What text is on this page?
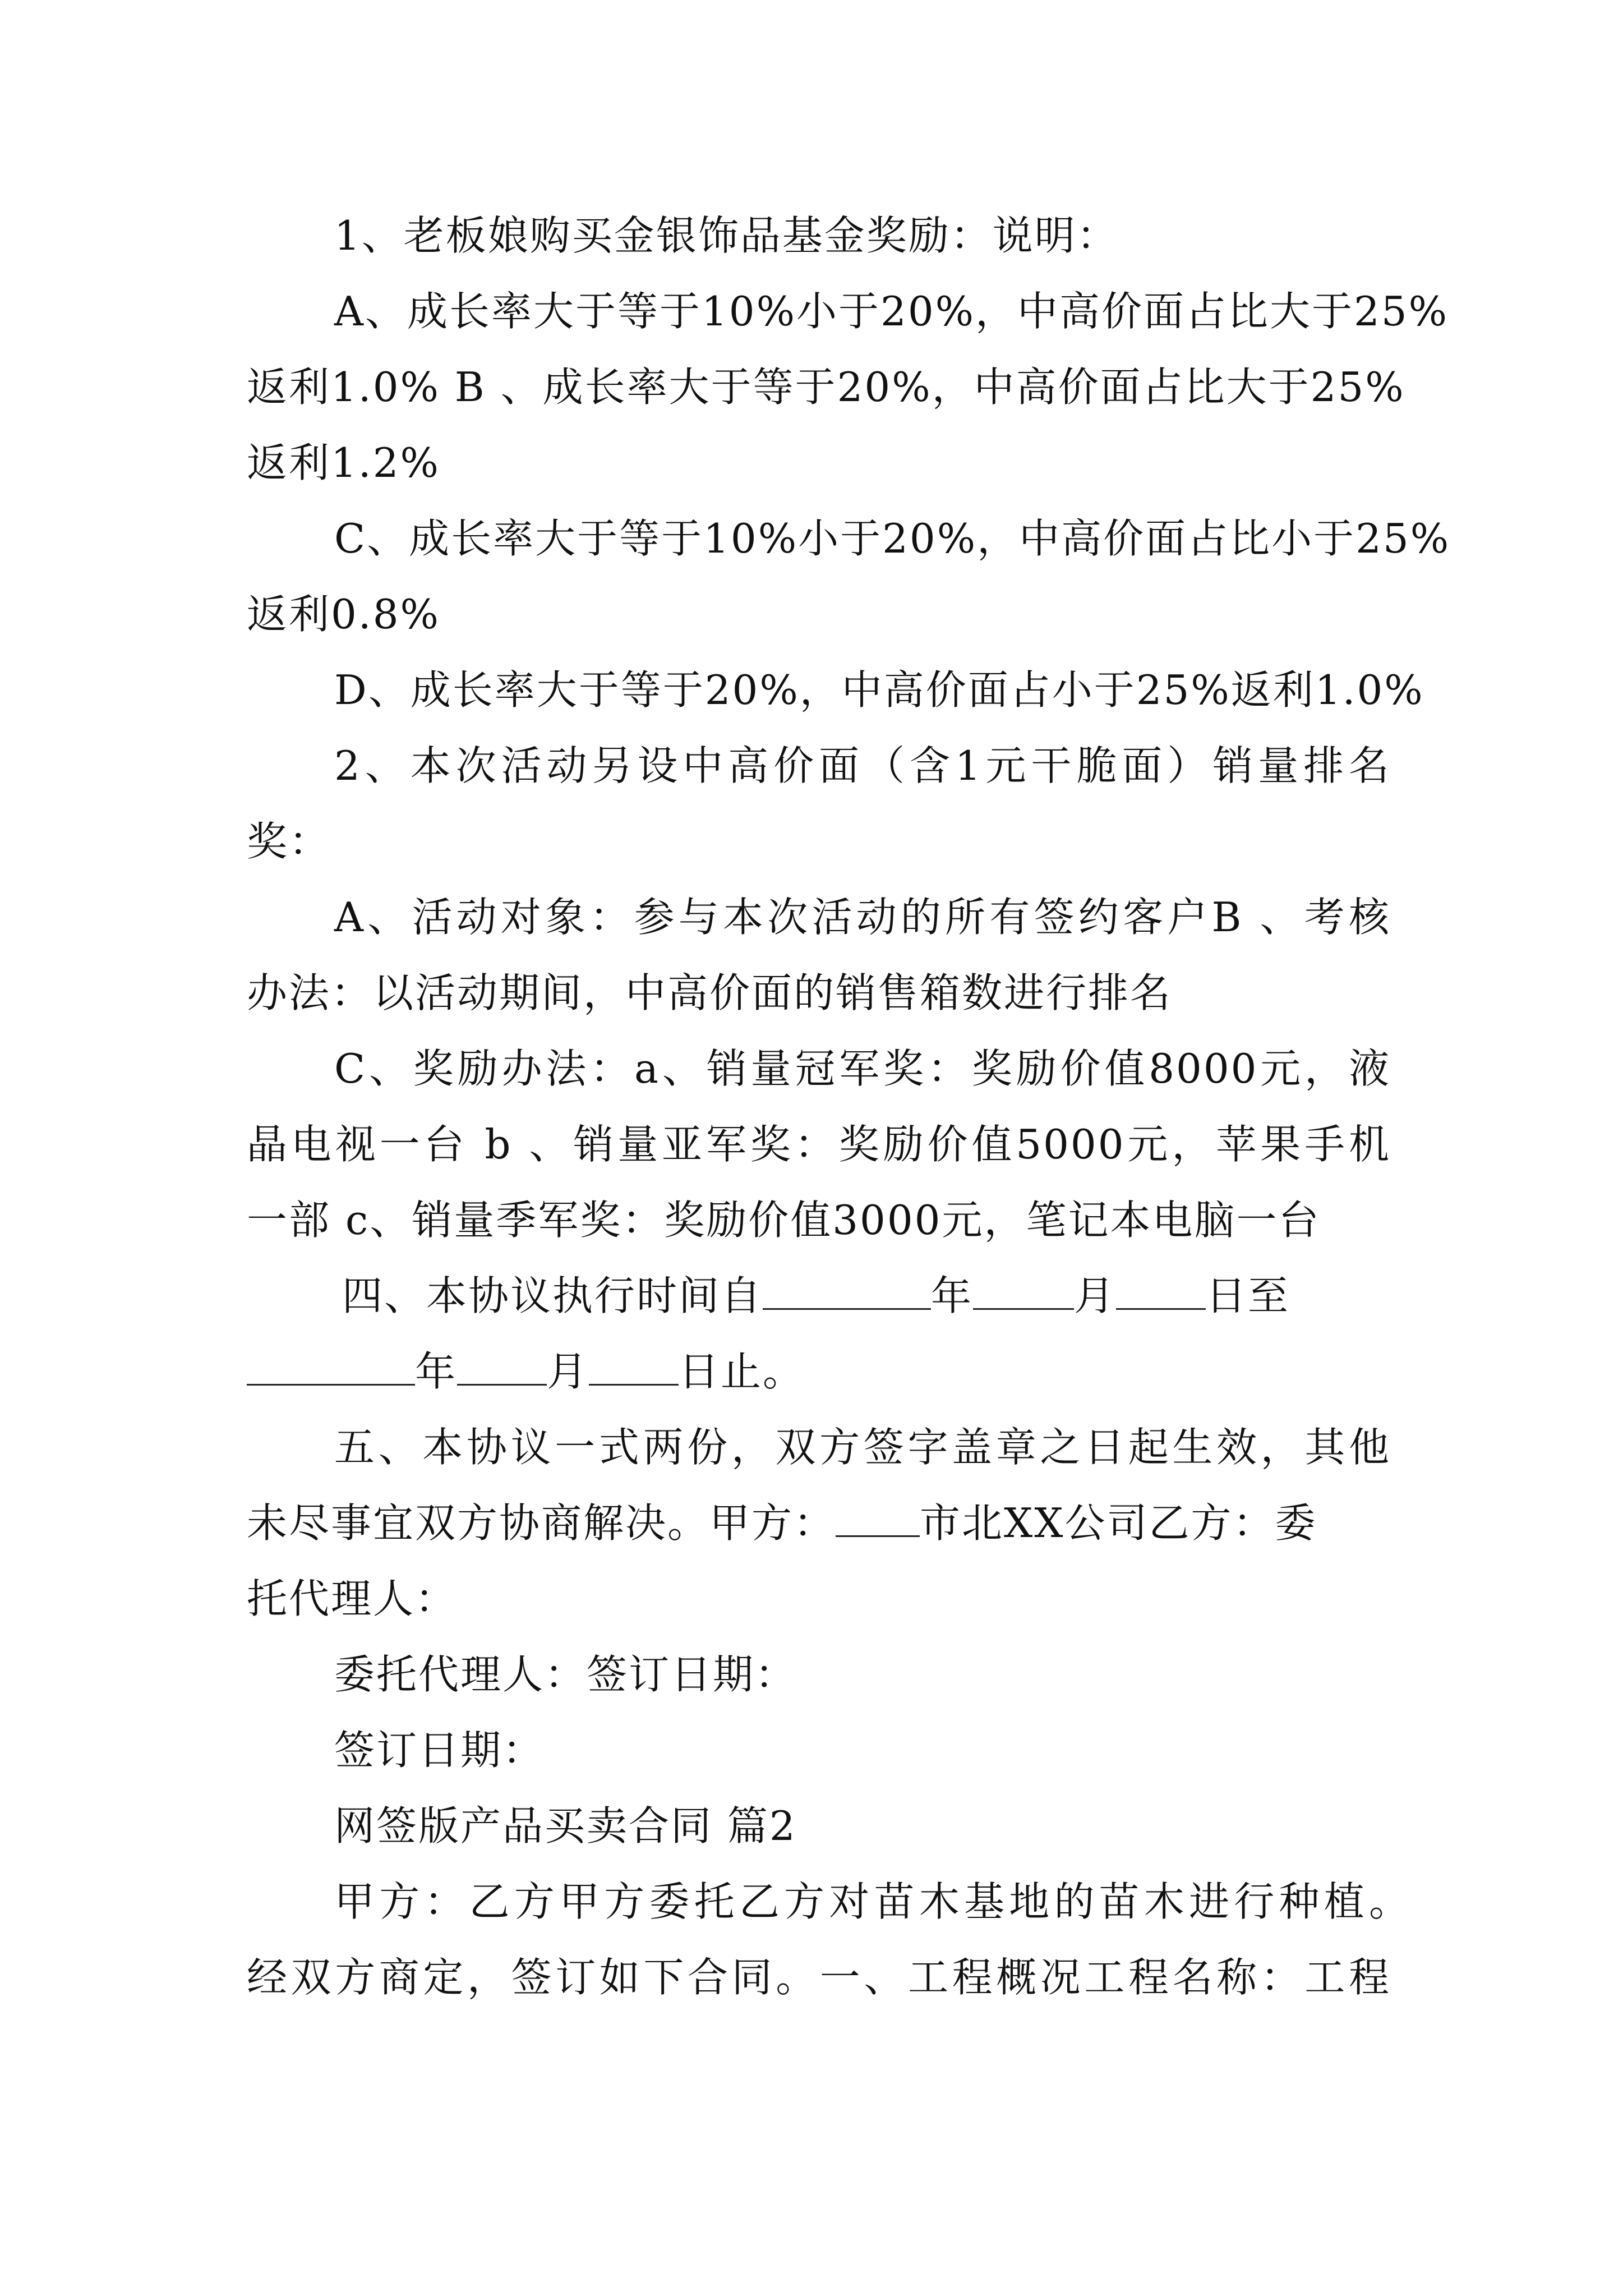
1、老板娘购买金银饰品基金奖励：说明：
A、成长率大于等于10%小于20%，中高价面占比大于25%
返利1.0% B 、成长率大于等于20%，中高价面占比大于25%
返利1.2%
C、成长率大于等于10%小于20%，中高价面占比小于25%
返利0.8%
D、成长率大于等于20%，中高价面占小于25%返利1.0%
2、本次活动另设中高价面（含1元干脆面）销量排名
奖：
A、活动对象：参与本次活动的所有签约客户B 、考核
办法：以活动期间，中高价面的销售箱数进行排名
C、奖励办法：a、销量冠军奖：奖励价值8000元，液
晶电视一台 b 、销量亚军奖：奖励价值5000元，苹果手机
一部 c、销量季军奖：奖励价值3000元，笔记本电脑一台
四、本协议执行时间自	年	月 日至
年 月 日止。
五、本协议一式两份，双方签字盖章之日起生效，其他
未尽事宜双方协商解决。甲方： 市北XX公司乙方：委
托代理人：
委托代理人：签订日期：
签订日期：
网签版产品买卖合同 篇2
甲方：乙方甲方委托乙方对苗木基地的苗木进行种植。
经双方商定，签订如下合同。一、工程概况工程名称：工程
